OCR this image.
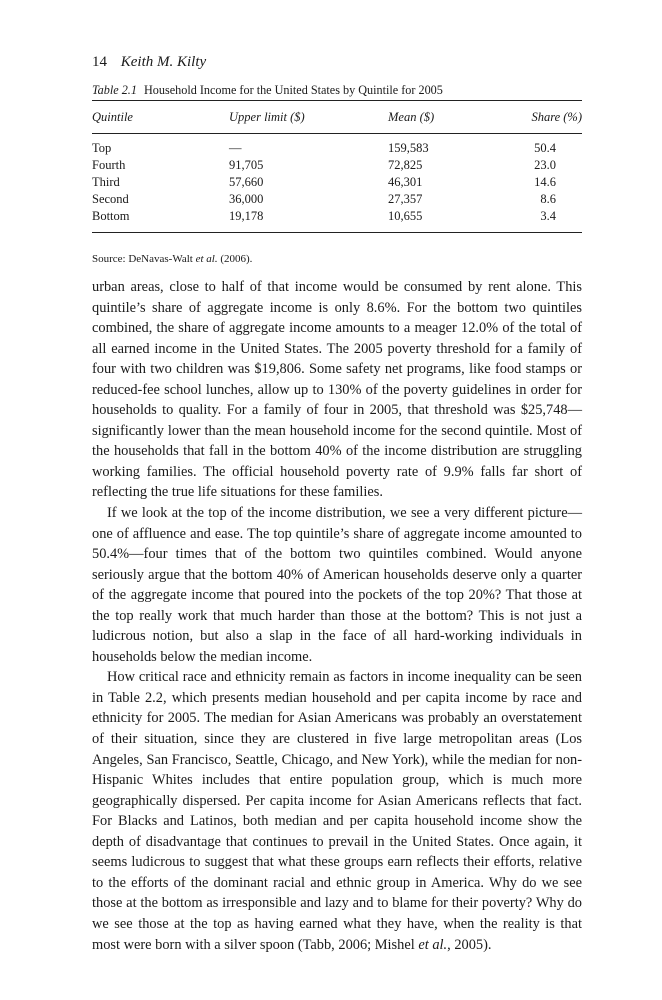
14 Keith M. Kilty
Table 2.1 Household Income for the United States by Quintile for 2005
Quintile	Upper limit ($)	Mean ($)	Share (%)
Top	—	159,583	50.4
Fourth	91,705	72,825	23.0
Third	57,660	46,301	14.6
Second	36,000	27,357	8.6
Bottom	19,178	10,655	3.4
Source: DeNavas-Walt et al. (2006).

urban areas, close to half of that income would be consumed by rent alone. This quintile’s share of aggregate income is only 8.6%. For the bottom two quintiles combined, the share of aggregate income amounts to a meager 12.0% of the total of all earned income in the United States. The 2005 poverty threshold for a family of four with two children was $19,806. Some safety net programs, like food stamps or reduced-fee school lunches, allow up to 130% of the poverty guidelines in order for households to quality. For a family of four in 2005, that threshold was $25,748—significantly lower than the mean household income for the second quintile. Most of the households that fall in the bottom 40% of the income distribution are struggling working families. The official household poverty rate of 9.9% falls far short of reflecting the true life situations for these families.

If we look at the top of the income distribution, we see a very different picture—one of affluence and ease. The top quintile’s share of aggregate income amounted to 50.4%—four times that of the bottom two quintiles combined. Would anyone seriously argue that the bottom 40% of American households deserve only a quarter of the aggregate income that poured into the pockets of the top 20%? That those at the top really work that much harder than those at the bottom? This is not just a ludicrous notion, but also a slap in the face of all hard-working individuals in households below the median income.

How critical race and ethnicity remain as factors in income inequality can be seen in Table 2.2, which presents median household and per capita income by race and ethnicity for 2005. The median for Asian Americans was probably an overstatement of their situation, since they are clustered in five large metropolitan areas (Los Angeles, San Francisco, Seattle, Chicago, and New York), while the median for non-Hispanic Whites includes that entire population group, which is much more geographically dispersed. Per capita income for Asian Americans reflects that fact. For Blacks and Latinos, both median and per capita household income show the depth of disadvantage that continues to prevail in the United States. Once again, it seems ludicrous to suggest that what these groups earn reflects their efforts, relative to the efforts of the dominant racial and ethnic group in America. Why do we see those at the bottom as irresponsible and lazy and to blame for their poverty? Why do we see those at the top as having earned what they have, when the reality is that most were born with a silver spoon (Tabb, 2006; Mishel et al., 2005).
